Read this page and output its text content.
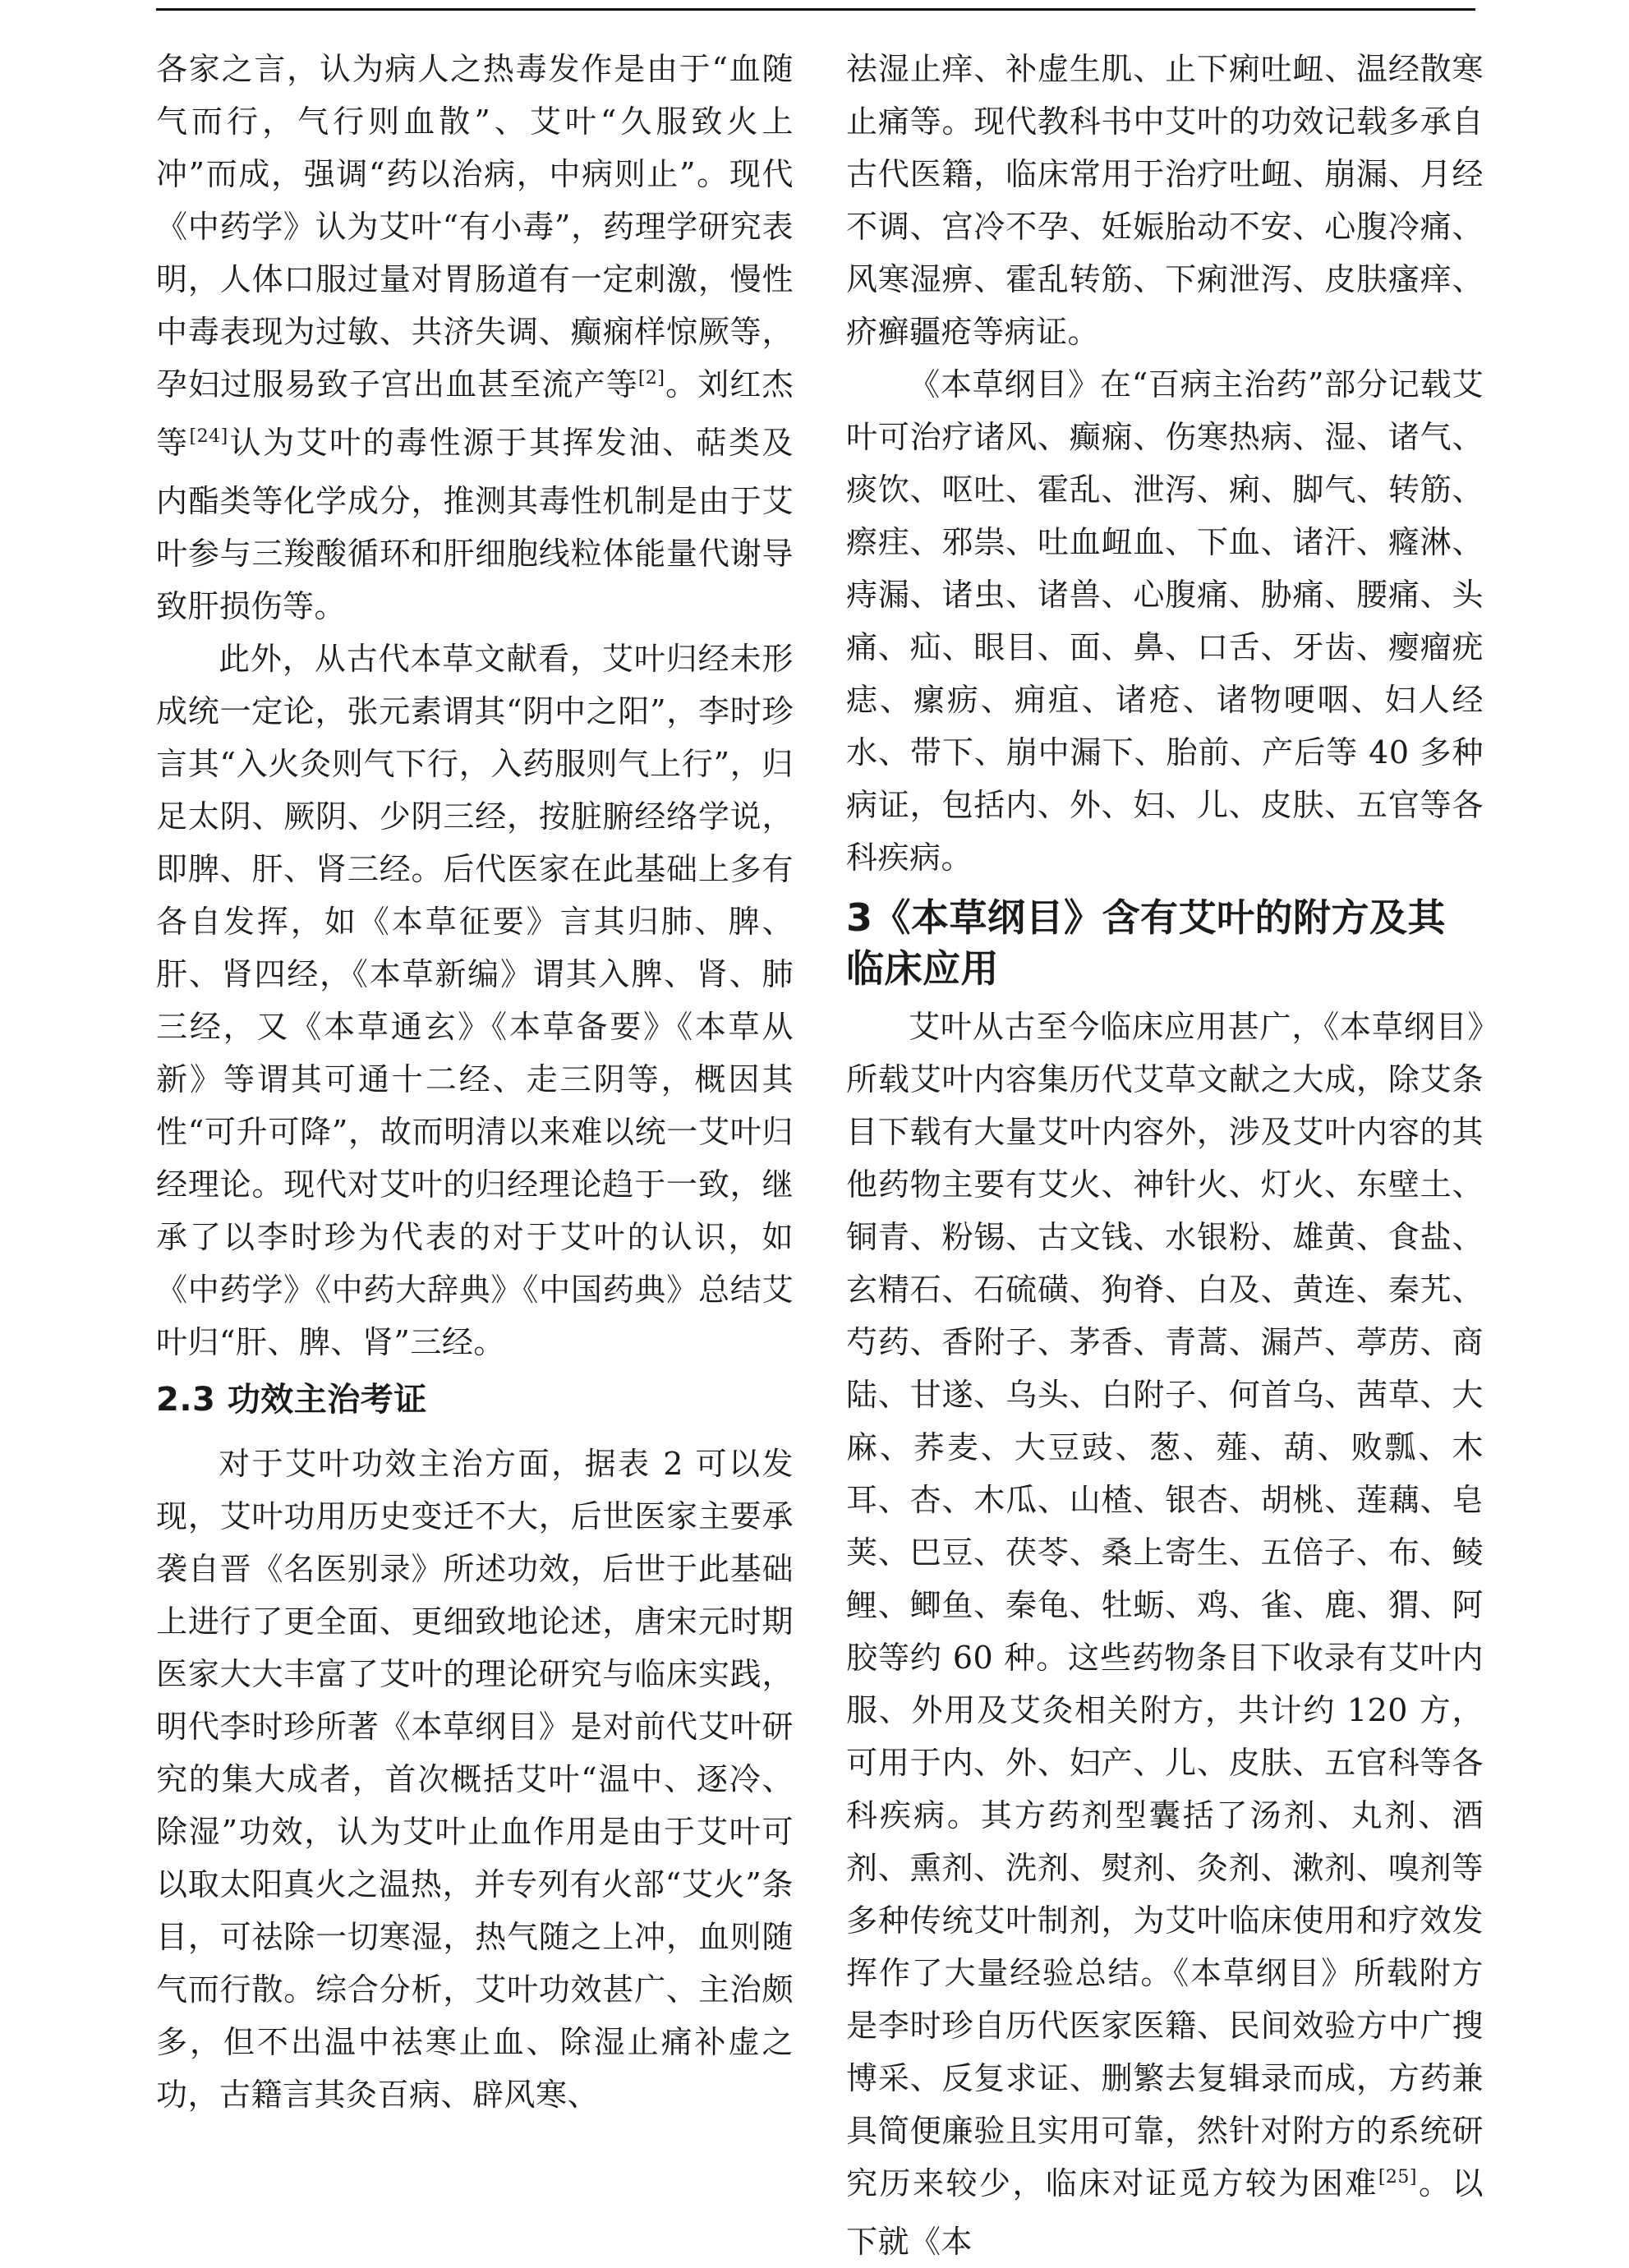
各家之言，认为病人之热毒发作是由于“血随气而行，气行则血散”、艾叶“久服致火上冲”而成，强调“药以治病，中病则止”。现代《中药学》认为艾叶“有小毒”，药理学研究表明，人体口服过量对胃肠道有一定刺激，慢性中毒表现为过敏、共济失调、癫痫样惊厥等，孕妇过服易致子宫出血甚至流产等[2]。刘红杰等[24]认为艾叶的毒性源于其挥发油、萜类及内酯类等化学成分，推测其毒性机制是由于艾叶参与三羧酸循环和肝细胞线粒体能量代谢导致肝损伤等。

此外，从古代本草文献看，艾叶归经未形成统一定论，张元素谓其“阴中之阳”，李时珍言其“入火灸则气下行，入药服则气上行”，归足太阴、厥阴、少阴三经，按脏腑经络学说，即脾、肝、肾三经。后代医家在此基础上多有各自发挥，如《本草征要》言其归肺、脾、肝、肾四经，《本草新编》谓其入脾、肾、肺三经，又《本草通玄》《本草备要》《本草从新》等谓其可通十二经、走三阴等，概因其性“可升可降”，故而明清以来难以统一艾叶归经理论。现代对艾叶的归经理论趋于一致，继承了以李时珍为代表的对于艾叶的认识，如《中药学》《中药大辞典》《中国药典》总结艾叶归“肝、脾、肾”三经。

2.3 功效主治考证

对于艾叶功效主治方面，据表 2 可以发现，艾叶功用历史变迁不大，后世医家主要承袭自晋《名医别录》所述功效，后世于此基础上进行了更全面、更细致地论述，唐宋元时期医家大大丰富了艾叶的理论研究与临床实践，明代李时珍所著《本草纲目》是对前代艾叶研究的集大成者，首次概括艾叶“温中、逐冷、除湿”功效，认为艾叶止血作用是由于艾叶可以取太阳真火之温热，并专列有火部“艾火”条目，可祛除一切寒湿，热气随之上冲，血则随气而行散。综合分析，艾叶功效甚广、主治颇多，但不出温中祛寒止血、除湿止痛补虚之功，古籍言其灸百病、辟风寒、

祛湿止痒、补虚生肌、止下痢吐衄、温经散寒止痛等。现代教科书中艾叶的功效记载多承自古代医籍，临床常用于治疗吐衄、崩漏、月经不调、宫冷不孕、妊娠胎动不安、心腹冷痛、风寒湿痹、霍乱转筋、下痢泄泻、皮肤瘙痒、疥癣疆疮等病证。

《本草纲目》在“百病主治药”部分记载艾叶可治疗诸风、癫痫、伤寒热病、湿、诸气、痰饮、呕吐、霍乱、泄泻、痢、脚气、转筋、瘵疰、邪祟、吐血衄血、下血、诸汗、癃淋、痔漏、诸虫、诸兽、心腹痛、胁痛、腰痛、头痛、疝、眼目、面、鼻、口舌、牙齿、瘿瘤疣痣、瘰疬、痈疽、诸疮、诸物哽咽、妇人经水、带下、崩中漏下、胎前、产后等 40 多种病证，包括内、外、妇、儿、皮肤、五官等各科疾病。

3《本草纲目》含有艾叶的附方及其临床应用

艾叶从古至今临床应用甚广，《本草纲目》所载艾叶内容集历代艾草文献之大成，除艾条目下载有大量艾叶内容外，涉及艾叶内容的其他药物主要有艾火、神针火、灯火、东壁土、铜青、粉锡、古文钱、水银粉、雄黄、食盐、玄精石、石硫磺、狗脊、白及、黄连、秦艽、芍药、香附子、茅香、青蒿、漏芦、葶苈、商陆、甘遂、乌头、白附子、何首乌、茜草、大麻、荞麦、大豆豉、葱、薤、葫、败瓢、木耳、杏、木瓜、山楂、银杏、胡桃、莲藕、皂荚、巴豆、茯苓、桑上寄生、五倍子、布、鲮鲤、鲫鱼、秦龟、牡蛎、鸡、雀、鹿、猬、阿胶等约 60 种。这些药物条目下收录有艾叶内服、外用及艾灸相关附方，共计约 120 方，可用于内、外、妇产、儿、皮肤、五官科等各科疾病。其方药剂型囊括了汤剂、丸剂、酒剂、熏剂、洗剂、熨剂、灸剂、漱剂、嗅剂等多种传统艾叶制剂，为艾叶临床使用和疗效发挥作了大量经验总结。《本草纲目》所载附方是李时珍自历代医家医籍、民间效验方中广搜博采、反复求证、删繁去复辑录而成，方药兼具简便廉验且实用可靠，然针对附方的系统研究历来较少，临床对证觅方较为困难[25]。以下就《本
